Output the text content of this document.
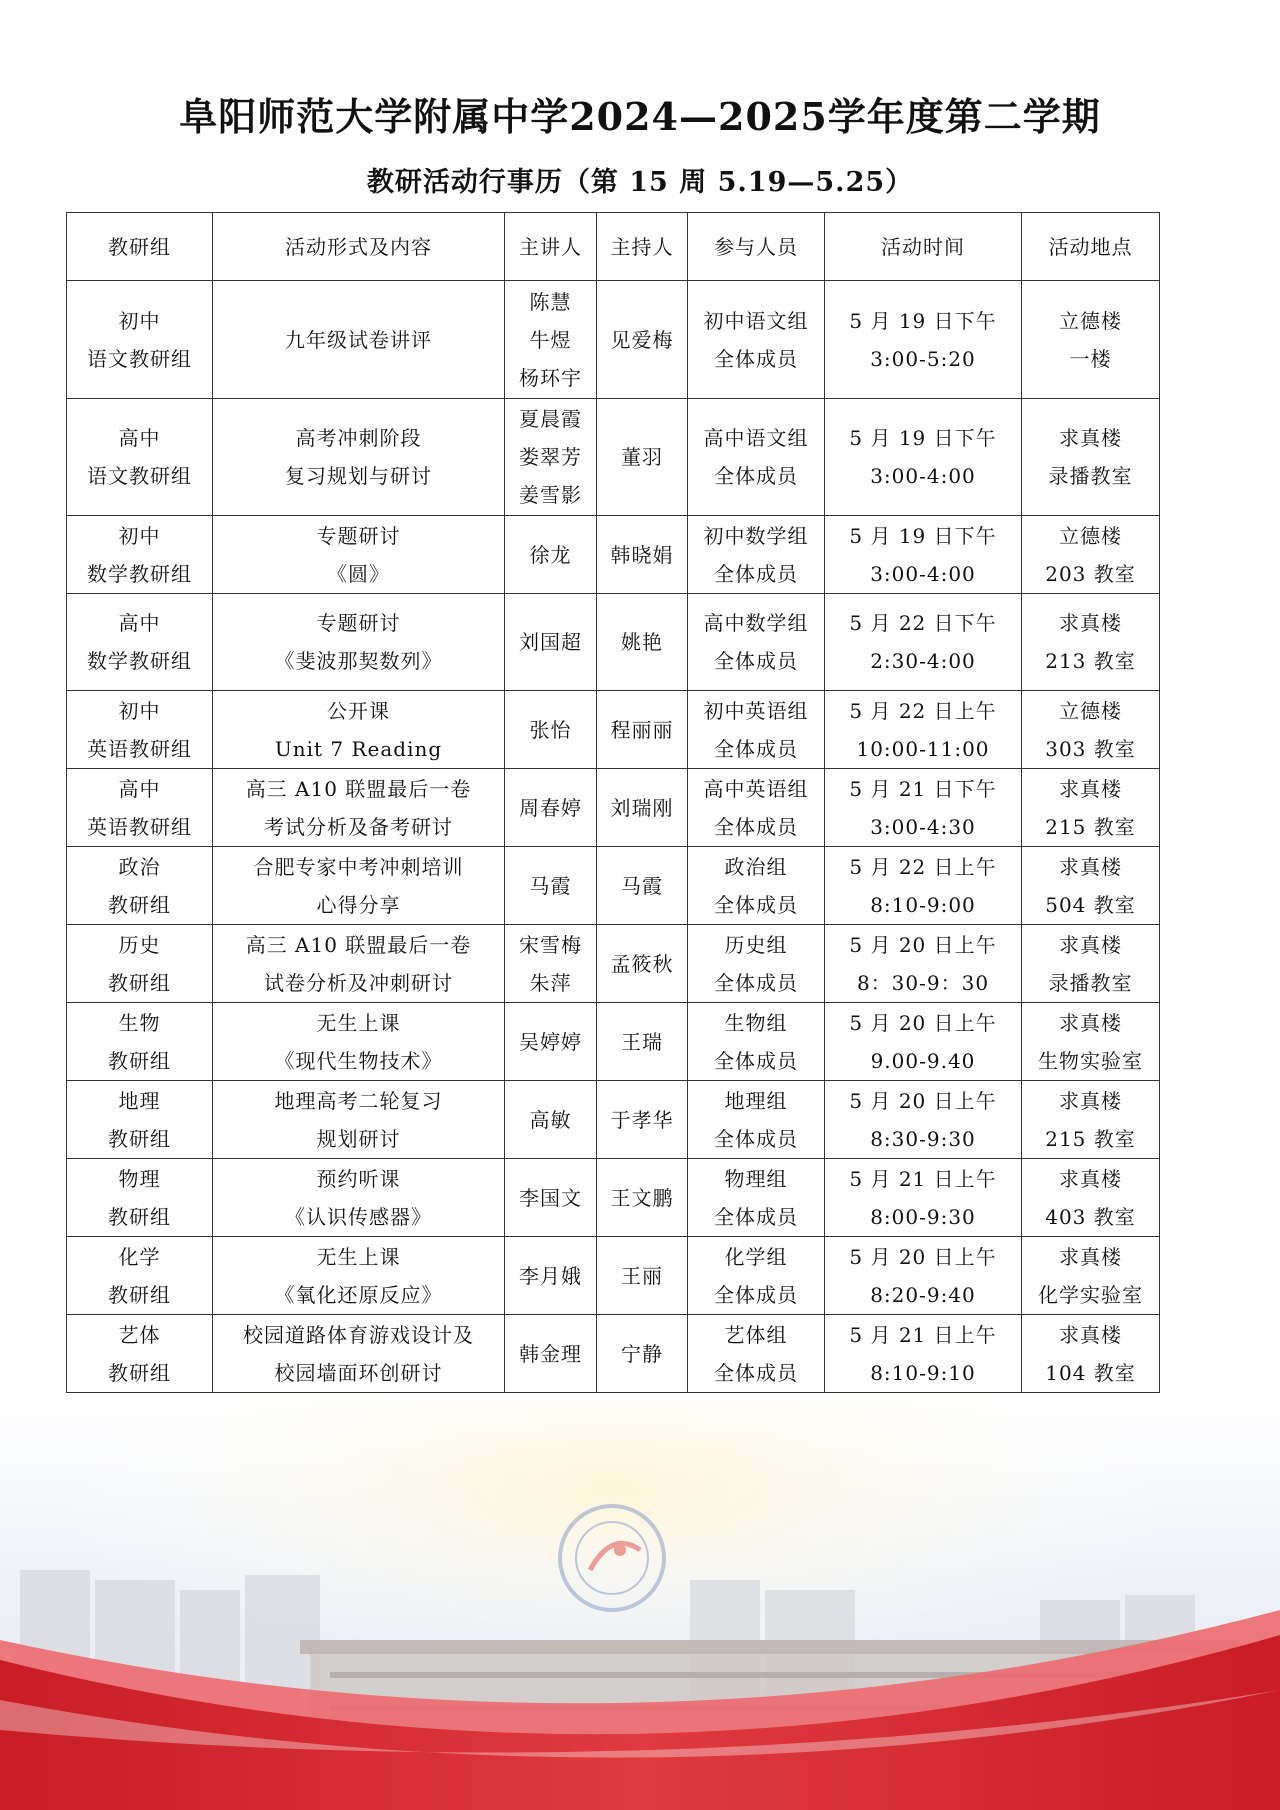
阜阳师范大学附属中学2024—2025学年度第二学期
教研活动行事历（第 15 周 5.19—5.25）
教研组	活动形式及内容	主讲人	主持人	参与人员	活动时间	活动地点

初中
语文教研组	九年级试卷讲评	陈慧
牛煜
杨环宇	见爱梅	初中语文组
全体成员	5 月 19 日下午
3:00-5:20	立德楼
一楼

高中
语文教研组	高考冲刺阶段
复习规划与研讨	夏晨霞
娄翠芳
姜雪影	董羽	高中语文组
全体成员	5 月 19 日下午
3:00-4:00	求真楼
录播教室

初中
数学教研组	专题研讨
《圆》	徐龙	韩晓娟	初中数学组
全体成员	5 月 19 日下午
3:00-4:00	立德楼
203 教室

高中
数学教研组	专题研讨
《斐波那契数列》	刘国超	姚艳	高中数学组
全体成员	5 月 22 日下午
2:30-4:00	求真楼
213 教室

初中
英语教研组	公开课
Unit 7 Reading	张怡	程丽丽	初中英语组
全体成员	5 月 22 日上午
10:00-11:00	立德楼
303 教室

高中
英语教研组	高三 A10 联盟最后一卷
考试分析及备考研讨	周春婷	刘瑞刚	高中英语组
全体成员	5 月 21 日下午
3:00-4:30	求真楼
215 教室

政治
教研组	合肥专家中考冲刺培训
心得分享	马霞	马霞	政治组
全体成员	5 月 22 日上午
8:10-9:00	求真楼
504 教室

历史
教研组	高三 A10 联盟最后一卷
试卷分析及冲刺研讨	宋雪梅
朱萍	孟筱秋	历史组
全体成员	5 月 20 日上午
8：30-9：30	求真楼
录播教室

生物
教研组	无生上课
《现代生物技术》	吴婷婷	王瑞	生物组
全体成员	5 月 20 日上午
9.00-9.40	求真楼
生物实验室

地理
教研组	地理高考二轮复习
规划研讨	高敏	于孝华	地理组
全体成员	5 月 20 日上午
8:30-9:30	求真楼
215 教室

物理
教研组	预约听课
《认识传感器》	李国文	王文鹏	物理组
全体成员	5 月 21 日上午
8:00-9:30	求真楼
403 教室

化学
教研组	无生上课
《氧化还原反应》	李月娥	王丽	化学组
全体成员	5 月 20 日上午
8:20-9:40	求真楼
化学实验室

艺体
教研组	校园道路体育游戏设计及
校园墙面环创研讨	韩金理	宁静	艺体组
全体成员	5 月 21 日上午
8:10-9:10	求真楼
104 教室
